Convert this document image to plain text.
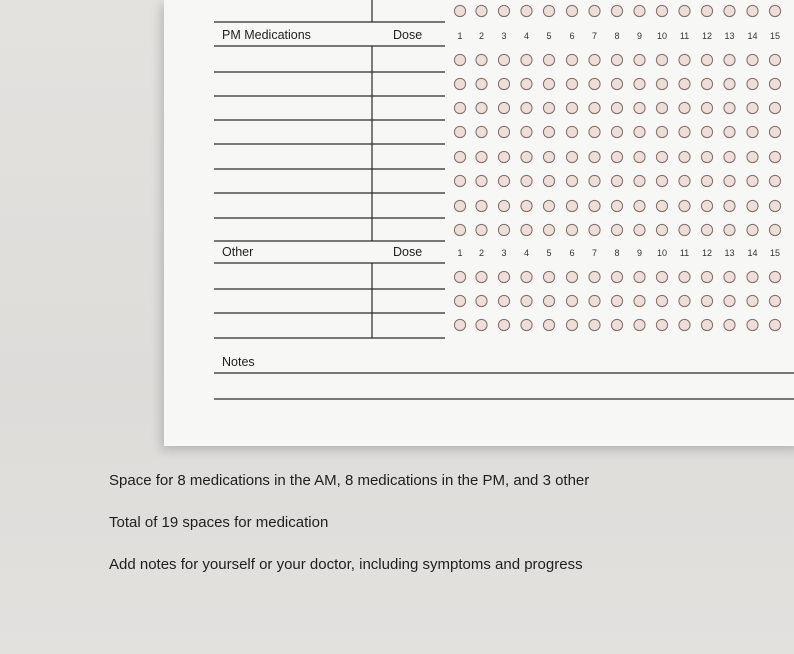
1 2 3 4 5 6 7 8 9 10 11 12 13 14 15
1 2 3 4 5 6 7 8 9 10 11 12 13 14 15
PM Medications	Dose
Other	Dose
Notes
Space for 8 medications in the AM, 8 medications in the PM, and 3 other
Total of 19 spaces for medication
Add notes for yourself or your doctor, including symptoms and progress
